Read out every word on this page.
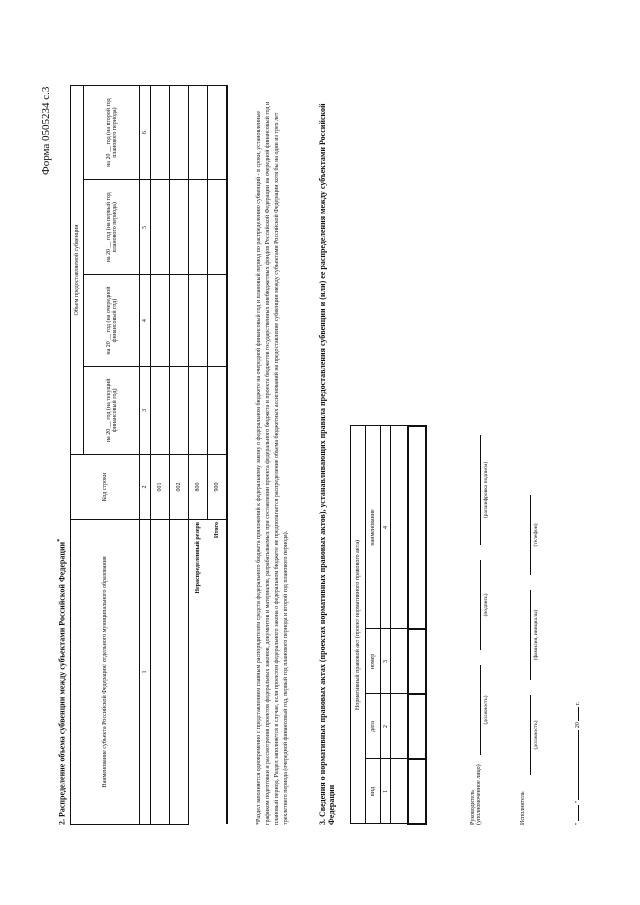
Форма 0505234 с.3
2. Распределение объема субвенции между субъектами Российской Федерации*
Наименование субъекта Российской Федерации/ отдельного муниципального образования	Код строки	Объем предоставляемой субвенции			
		на 20 __ год (на текущий финансовый год)	на 20 __ год (на очередной финансовый год)	на 20 __ год (на первый год планового периода)	на 20 __ год (на второй год планового периода)
1	2	3	4	5	6
	001				
	002				
Нераспределенный резерв	800				
Итого	900					*Раздел заполняется одновременно с представлением главным распорядителем средств федерального бюджета приложений к федеральному закону о федеральном бюджете на очередной финансовый год и плановый период по распределению субвенций - в сроки, установленные графиком подготовки и рассмотрения проектов федеральных законов, документов и материалов, разрабатываемых при составлении проекта федерального бюджета и проекта бюджетов государственных внебюджетных фондов Российской Федерации на очередной финансовый год и плановый период. Раздел заполняется в случае, если проектом федерального закона о федеральном бюджете не предполагается распределение объема бюджетных ассигнований на предоставление субвенции между субъектами Российской Федерации хотя бы на один из трех лет трехлетнего периода (очередной финансовый год, первый год планового периода и второй год планового периода).	3. Сведения о нормативных правовых актах (проектах нормативных правовых актов), устанавливающих правила предоставления субвенции и (или) ее распределения между субъектами Российской Федерации
Нормативный правовой акт (проект нормативного правового акта)			
вид	дата	номер	наименование
1	2	3	4

Руководитель (уполномоченное лицо)
(должность)
(подпись)
(расшифровка подписи)
Исполнитель
(должность)
(фамилия, инициалы)
(телефон)
"  "  20  г.
